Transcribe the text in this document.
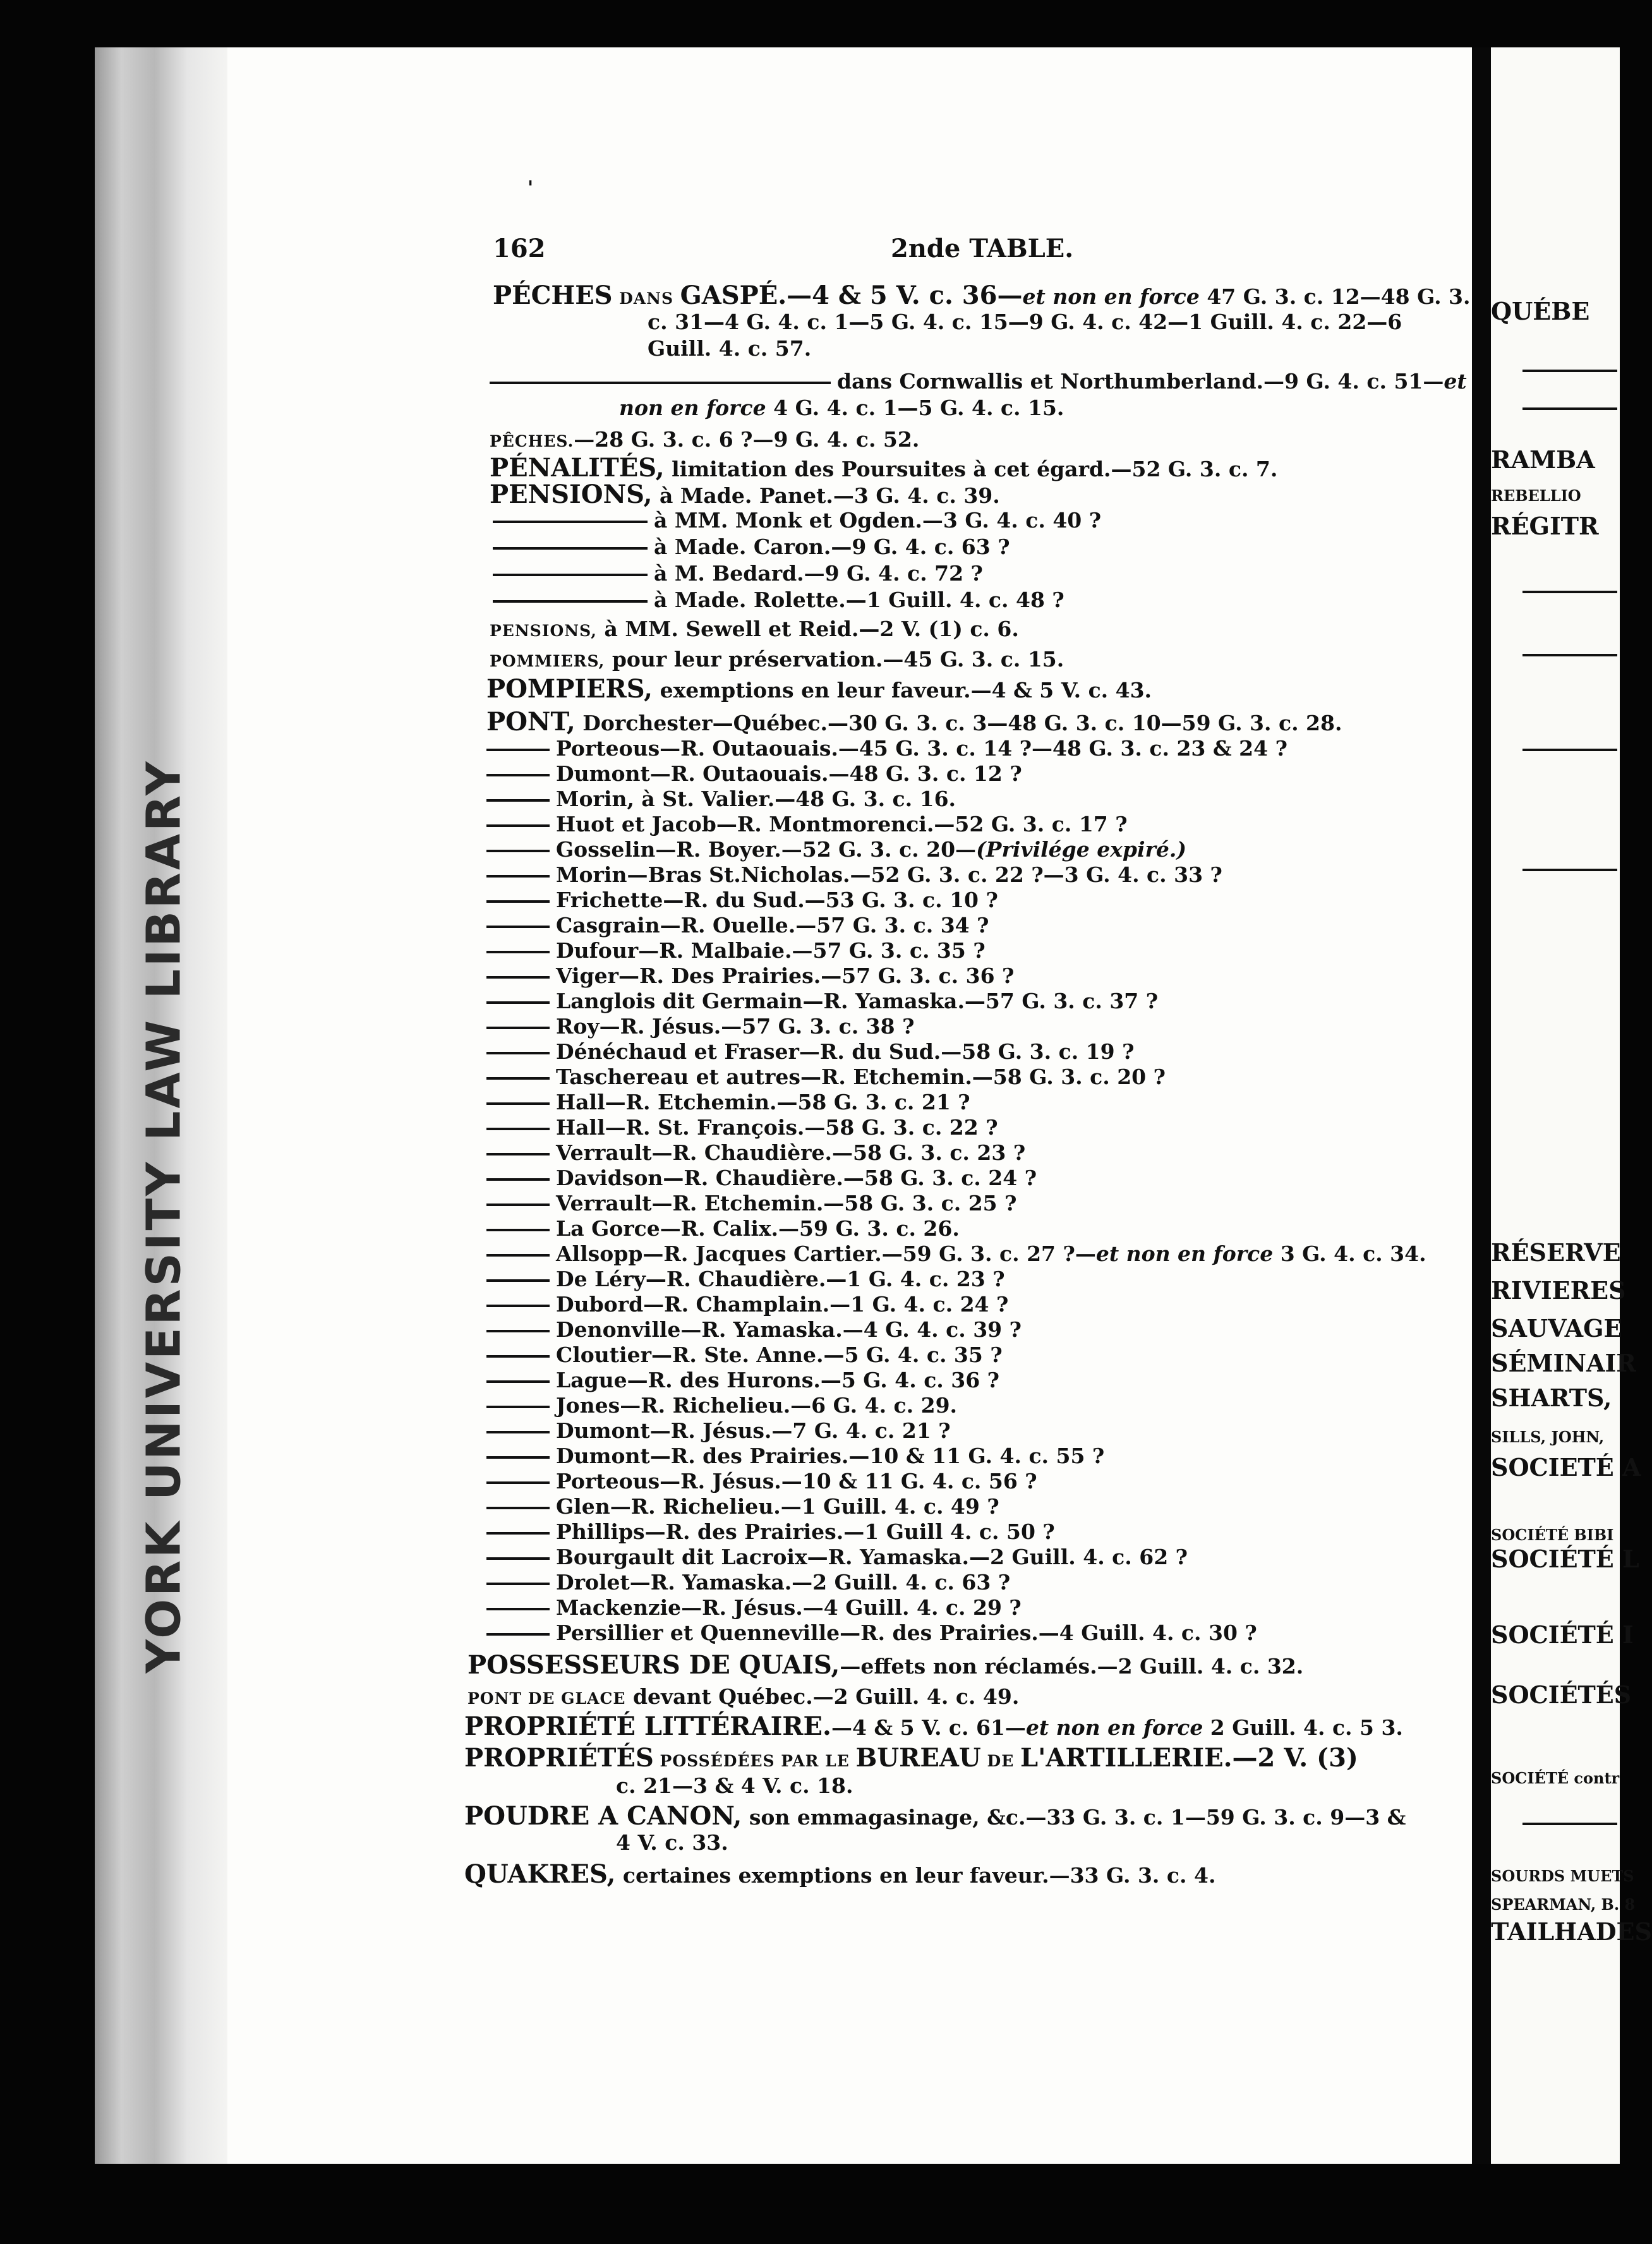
YORK UNIVERSITY LAW LIBRARY
QUÉBE
RAMBA
REBELLIO
RÉGITR
RÉSERVE
RIVIERES
SAUVAGE
SÉMINAIR
SHARTS,
SILLS, JOHN,
SOCIETÉ A
SOCIÉTÉ BIBI
SOCIÉTÉ L
SOCIÉTÉ I
SOCIÉTÉS
SOCIÉTÉ contr
SOURDS MUETS
SPEARMAN, B. 8
TAILHADES
'
162	2nde TABLE.
PÉCHES DANS GASPÉ.—4 & 5 V. c. 36—et non en force 47 G. 3. c. 12—48 G. 3.
c. 31—4 G. 4. c. 1—5 G. 4. c. 15—9 G. 4. c. 42—1 Guill. 4. c. 22—6
Guill. 4. c. 57.
dans Cornwallis et Northumberland.—9 G. 4. c. 51—et
non en force 4 G. 4. c. 1—5 G. 4. c. 15.
PÊCHES.—28 G. 3. c. 6 ?—9 G. 4. c. 52.
PÉNALITÉS, limitation des Poursuites à cet égard.—52 G. 3. c. 7.
PENSIONS, à Made. Panet.—3 G. 4. c. 39.
à MM. Monk et Ogden.—3 G. 4. c. 40 ?
à Made. Caron.—9 G. 4. c. 63 ?
à M. Bedard.—9 G. 4. c. 72 ?
à Made. Rolette.—1 Guill. 4. c. 48 ?
PENSIONS, à MM. Sewell et Reid.—2 V. (1) c. 6.
POMMIERS, pour leur préservation.—45 G. 3. c. 15.
POMPIERS, exemptions en leur faveur.—4 & 5 V. c. 43.
PONT, Dorchester—Québec.—30 G. 3. c. 3—48 G. 3. c. 10—59 G. 3. c. 28.
Porteous—R. Outaouais.—45 G. 3. c. 14 ?—48 G. 3. c. 23 & 24 ?
Dumont—R. Outaouais.—48 G. 3. c. 12 ?
Morin, à St. Valier.—48 G. 3. c. 16.
Huot et Jacob—R. Montmorenci.—52 G. 3. c. 17 ?
Gosselin—R. Boyer.—52 G. 3. c. 20—(Privilége expiré.)
Morin—Bras St.Nicholas.—52 G. 3. c. 22 ?—3 G. 4. c. 33 ?
Frichette—R. du Sud.—53 G. 3. c. 10 ?
Casgrain—R. Ouelle.—57 G. 3. c. 34 ?
Dufour—R. Malbaie.—57 G. 3. c. 35 ?
Viger—R. Des Prairies.—57 G. 3. c. 36 ?
Langlois dit Germain—R. Yamaska.—57 G. 3. c. 37 ?
Roy—R. Jésus.—57 G. 3. c. 38 ?
Dénéchaud et Fraser—R. du Sud.—58 G. 3. c. 19 ?
Taschereau et autres—R. Etchemin.—58 G. 3. c. 20 ?
Hall—R. Etchemin.—58 G. 3. c. 21 ?
Hall—R. St. François.—58 G. 3. c. 22 ?
Verrault—R. Chaudière.—58 G. 3. c. 23 ?
Davidson—R. Chaudière.—58 G. 3. c. 24 ?
Verrault—R. Etchemin.—58 G. 3. c. 25 ?
La Gorce—R. Calix.—59 G. 3. c. 26.
Allsopp—R. Jacques Cartier.—59 G. 3. c. 27 ?—et non en force 3 G. 4. c. 34.
De Léry—R. Chaudière.—1 G. 4. c. 23 ?
Dubord—R. Champlain.—1 G. 4. c. 24 ?
Denonville—R. Yamaska.—4 G. 4. c. 39 ?
Cloutier—R. Ste. Anne.—5 G. 4. c. 35 ?
Lague—R. des Hurons.—5 G. 4. c. 36 ?
Jones—R. Richelieu.—6 G. 4. c. 29.
Dumont—R. Jésus.—7 G. 4. c. 21 ?
Dumont—R. des Prairies.—10 & 11 G. 4. c. 55 ?
Porteous—R. Jésus.—10 & 11 G. 4. c. 56 ?
Glen—R. Richelieu.—1 Guill. 4. c. 49 ?
Phillips—R. des Prairies.—1 Guill 4. c. 50 ?
Bourgault dit Lacroix—R. Yamaska.—2 Guill. 4. c. 62 ?
Drolet—R. Yamaska.—2 Guill. 4. c. 63 ?
Mackenzie—R. Jésus.—4 Guill. 4. c. 29 ?
Persillier et Quenneville—R. des Prairies.—4 Guill. 4. c. 30 ?
POSSESSEURS DE QUAIS,—effets non réclamés.—2 Guill. 4. c. 32.
PONT DE GLACE devant Québec.—2 Guill. 4. c. 49.
PROPRIÉTÉ LITTÉRAIRE.—4 & 5 V. c. 61—et non en force 2 Guill. 4. c. 5 3.
PROPRIÉTÉS POSSÉDÉES PAR LE BUREAU DE L'ARTILLERIE.—2 V. (3)
c. 21—3 & 4 V. c. 18.
POUDRE A CANON, son emmagasinage, &c.—33 G. 3. c. 1—59 G. 3. c. 9—3 &
4 V. c. 33.
QUAKRES, certaines exemptions en leur faveur.—33 G. 3. c. 4.
